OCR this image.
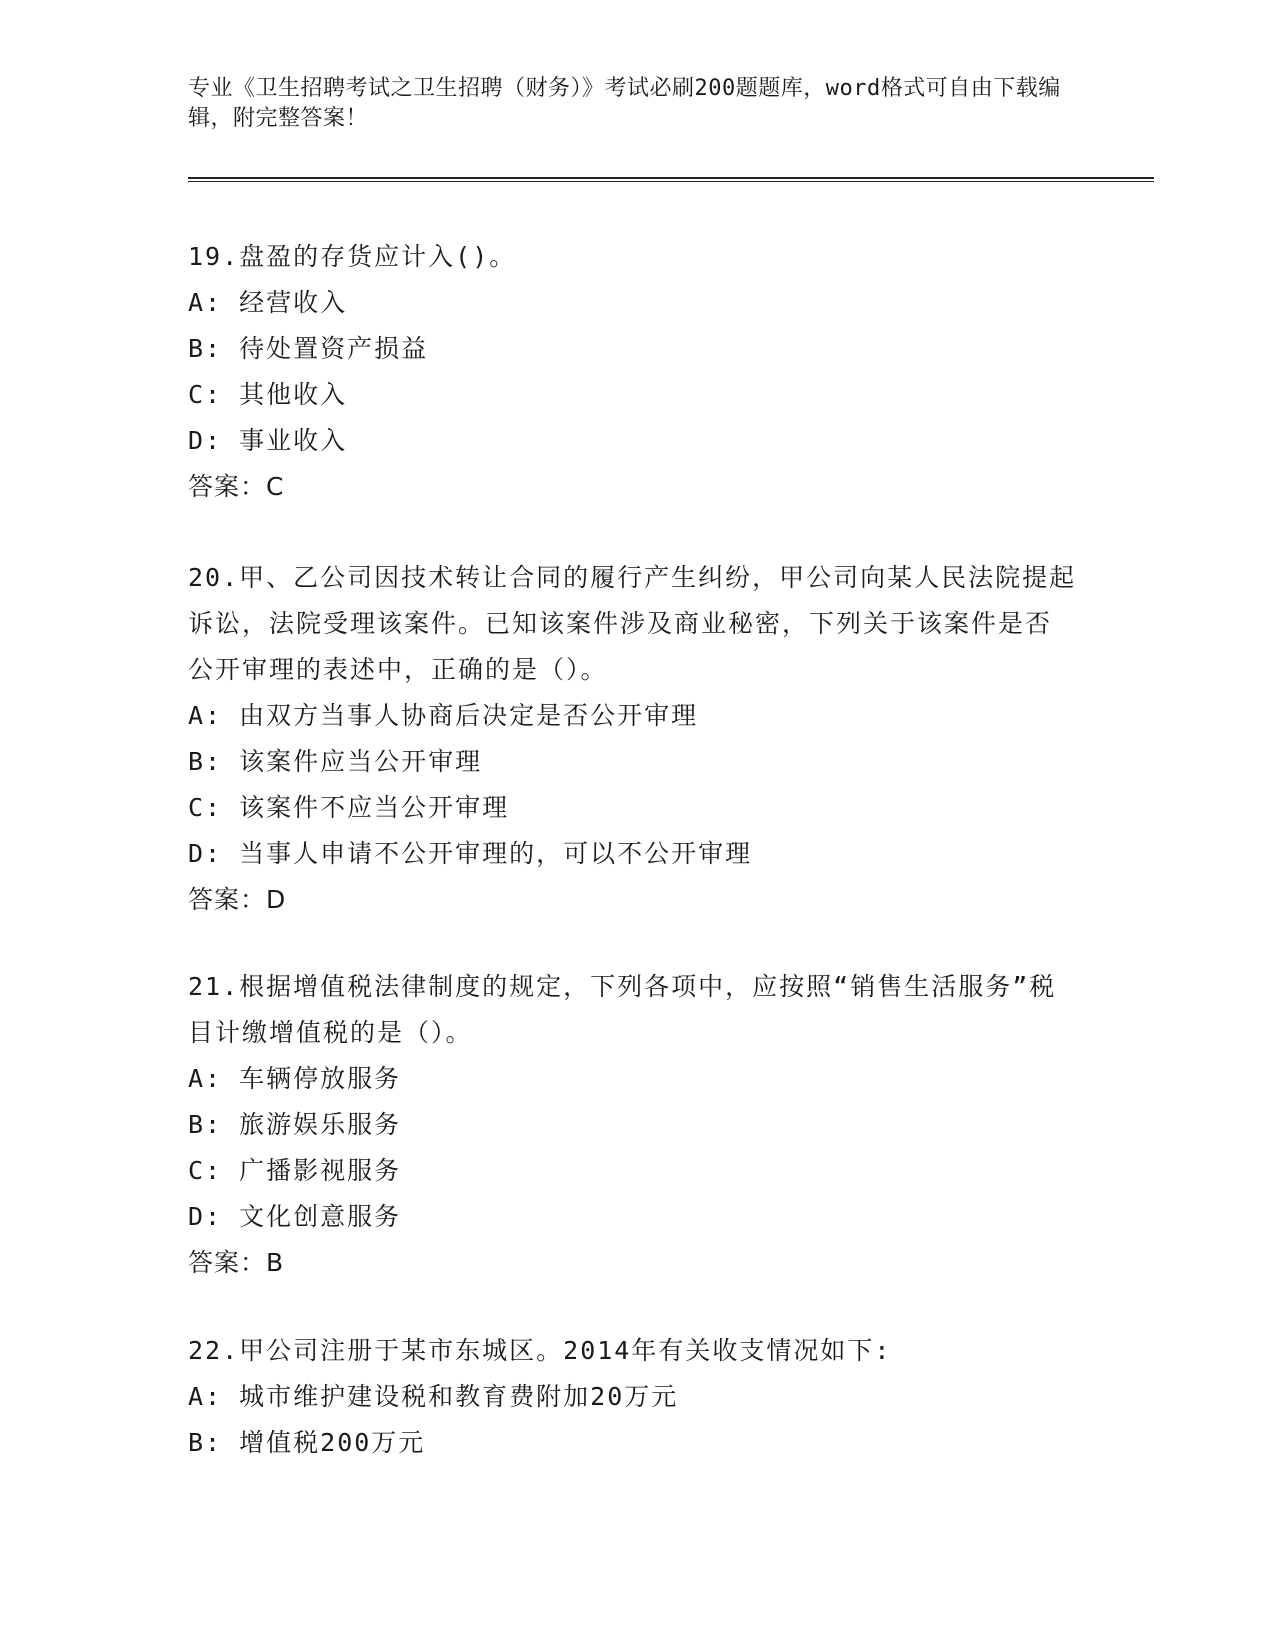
专业《卫生招聘考试之卫生招聘（财务）》考试必刷200题题库，word格式可自由下载编辑，附完整答案！
19.盘盈的存货应计入()。
A: 经营收入
B: 待处置资产损益
C: 其他收入
D: 事业收入
答案：C
20.甲、乙公司因技术转让合同的履行产生纠纷，甲公司向某人民法院提起诉讼，法院受理该案件。已知该案件涉及商业秘密，下列关于该案件是否公开审理的表述中，正确的是（）。
A: 由双方当事人协商后决定是否公开审理
B: 该案件应当公开审理
C: 该案件不应当公开审理
D: 当事人申请不公开审理的，可以不公开审理
答案：D
21.根据增值税法律制度的规定，下列各项中，应按照“销售生活服务”税目计缴增值税的是（）。
A: 车辆停放服务
B: 旅游娱乐服务
C: 广播影视服务
D: 文化创意服务
答案：B
22.甲公司注册于某市东城区。2014年有关收支情况如下:
A: 城市维护建设税和教育费附加20万元
B: 增值税200万元
